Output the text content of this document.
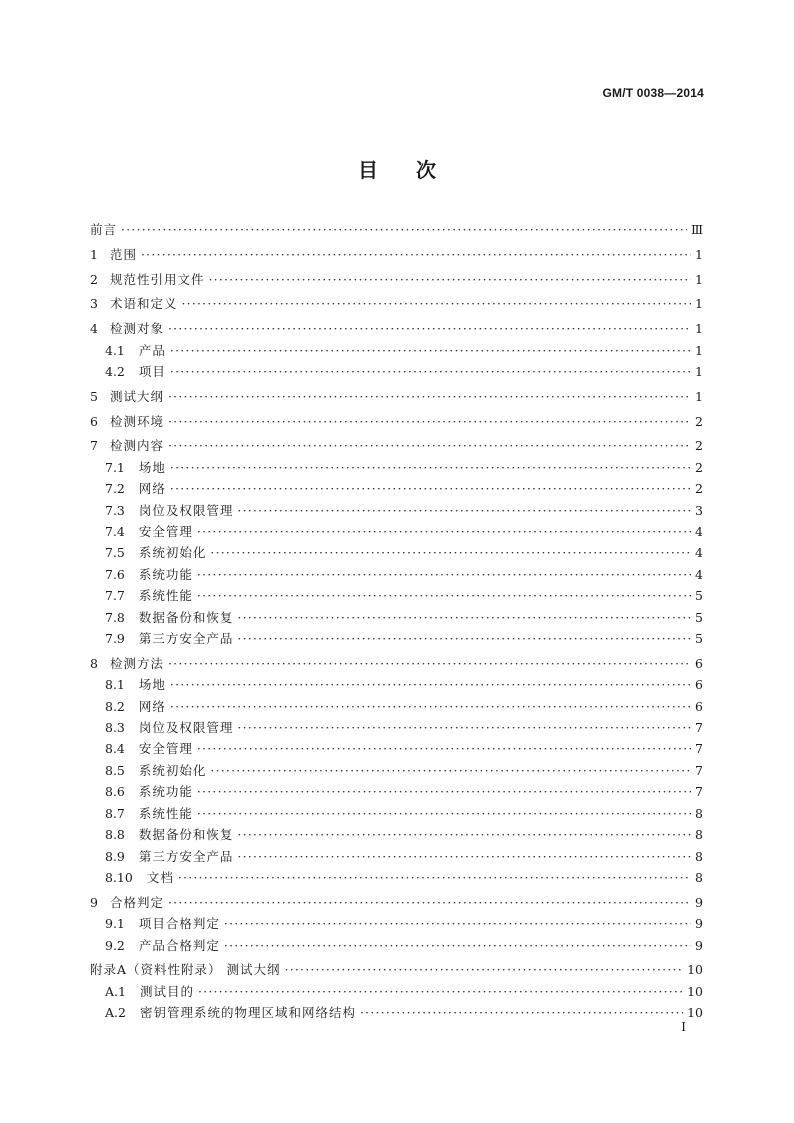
GM/T 0038—2014
目次
前言 ·····	Ⅲ
1 范围 ·····	1
2 规范性引用文件 ·····	1
3 术语和定义 ·····	1
4 检测对象 ·····	1
4.1 产品 ·····	1
4.2 项目 ·····	1
5 测试大纲 ·····	1
6 检测环境 ·····	2
7 检测内容 ·····	2
7.1 场地 ·····	2
7.2 网络 ·····	2
7.3 岗位及权限管理 ·····	3
7.4 安全管理 ·····	4
7.5 系统初始化 ·····	4
7.6 系统功能 ·····	4
7.7 系统性能 ·····	5
7.8 数据备份和恢复 ·····	5
7.9 第三方安全产品 ·····	5
8 检测方法 ·····	6
8.1 场地 ·····	6
8.2 网络 ·····	6
8.3 岗位及权限管理 ·····	7
8.4 安全管理 ·····	7
8.5 系统初始化 ·····	7
8.6 系统功能 ·····	7
8.7 系统性能 ·····	8
8.8 数据备份和恢复 ·····	8
8.9 第三方安全产品 ·····	8
8.10 文档 ·····	8
9 合格判定 ·····	9
9.1 项目合格判定 ·····	9
9.2 产品合格判定 ·····	9
附录A（资料性附录） 测试大纲 ·····	10
A.1 测试目的 ·····	10
A.2 密钥管理系统的物理区域和网络结构 ·····	10
I
